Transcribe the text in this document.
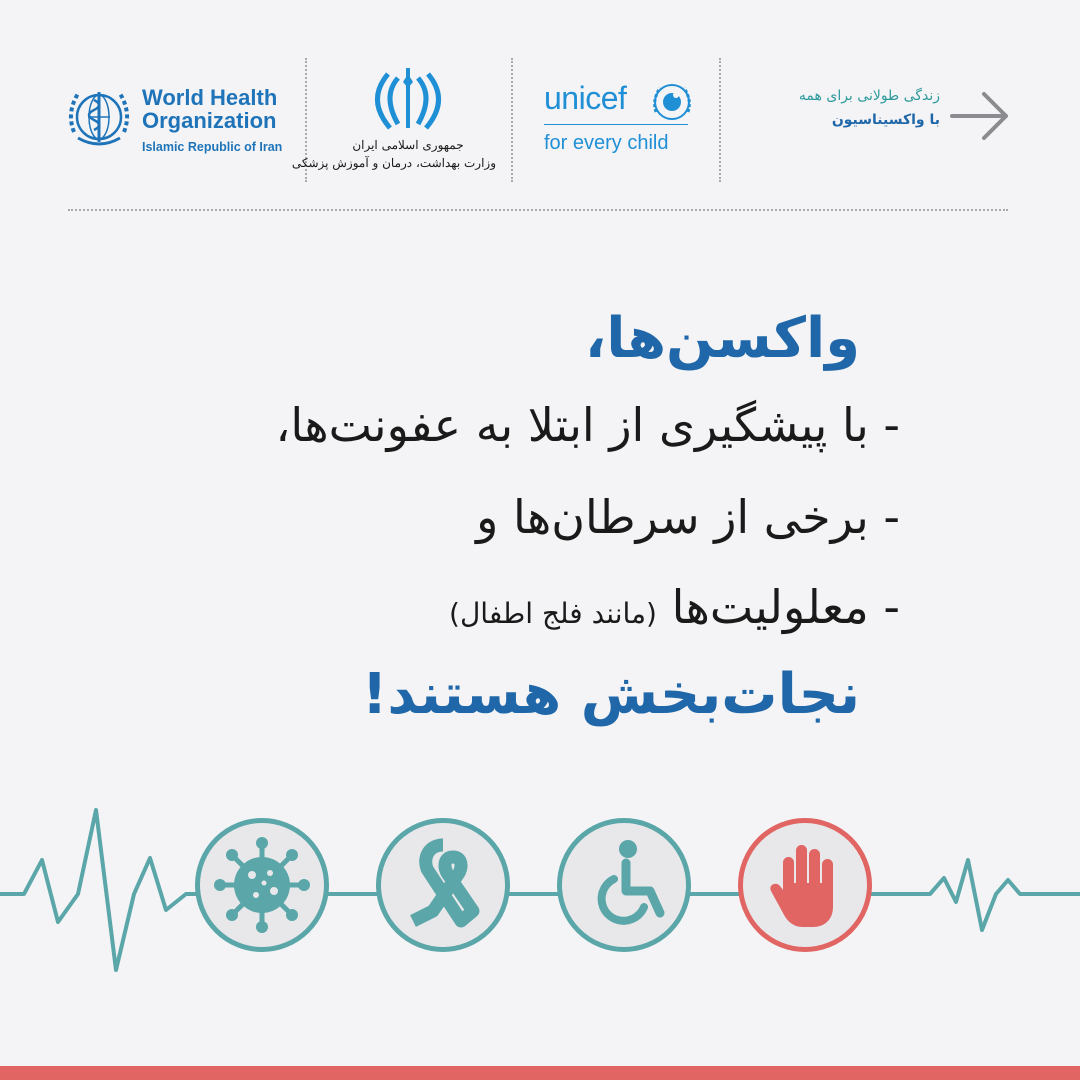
World Health
Organization
Islamic Republic of Iran	جمهوری اسلامی ایران
وزارت بهداشت، درمان و آموزش پزشکی
unicef
for every child
زندگی طولانی برای همه
با واکسیناسیون
واکسن‌ها،
- با پیشگیری از ابتلا به عفونت‌ها،
- برخی از سرطان‌ها و
- معلولیت‌ها (مانند فلج اطفال)
نجات‌بخش هستند!
